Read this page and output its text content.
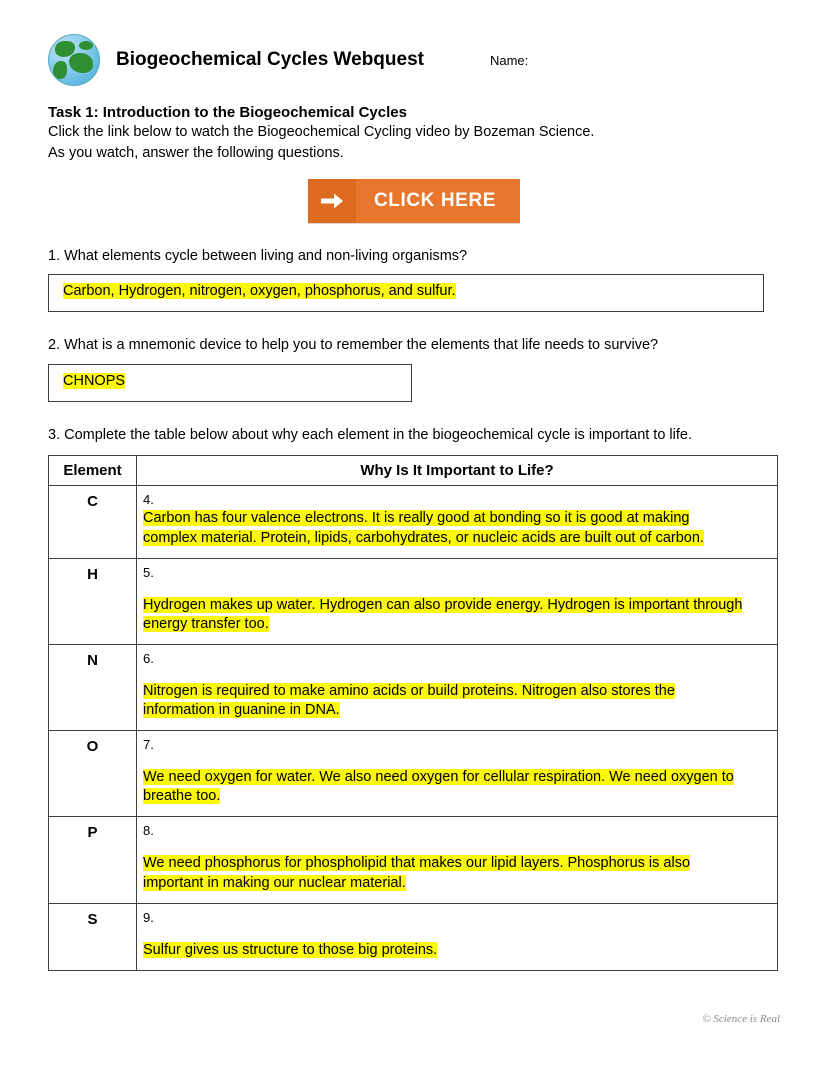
Biogeochemical Cycles Webquest	Name:
Task 1: Introduction to the Biogeochemical Cycles
Click the link below to watch the Biogeochemical Cycling video by Bozeman Science.
As you watch, answer the following questions.
CLICK HERE
1. What elements cycle between living and non-living organisms?
Carbon, Hydrogen, nitrogen, oxygen, phosphorus, and sulfur.
2. What is a mnemonic device to help you to remember the elements that life needs to survive?
CHNOPS
3. Complete the table below about why each element in the biogeochemical cycle is important to life.
Element	Why Is It Important to Life?
C	4. Carbon has four valence electrons. It is really good at bonding so it is good at making complex material. Protein, lipids, carbohydrates, or nucleic acids are built out of carbon.
H	5. Hydrogen makes up water. Hydrogen can also provide energy. Hydrogen is important through energy transfer too.
N	6. Nitrogen is required to make amino acids or build proteins. Nitrogen also stores the information in guanine in DNA.
O	7. We need oxygen for water. We also need oxygen for cellular respiration. We need oxygen to breathe too.
P	8. We need phosphorus for phospholipid that makes our lipid layers. Phosphorus is also important in making our nuclear material.
S	9. Sulfur gives us structure to those big proteins.
© Science is Real
